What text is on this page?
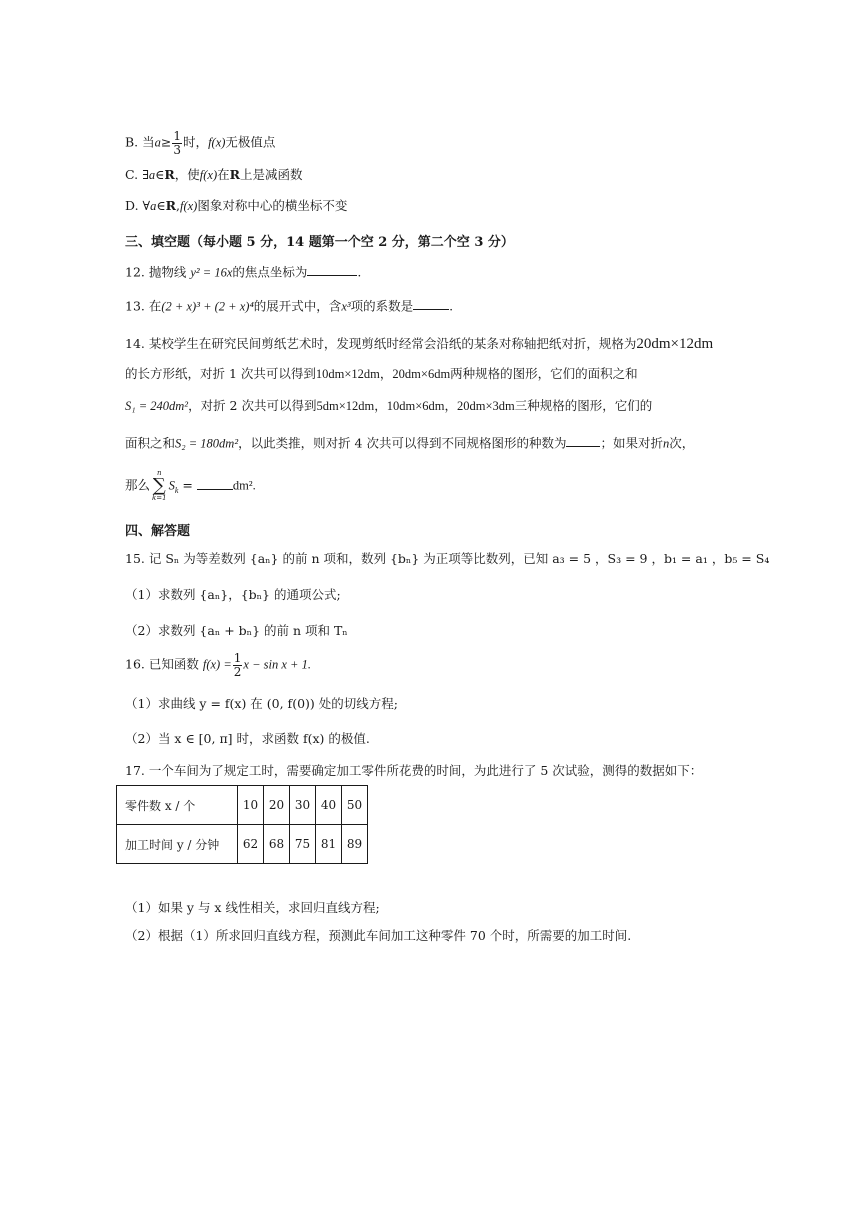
B. 当$a\ge \frac{1}{3}$ 时，f(x)无极值点
C. ∃a∈R，使f(x)在R上是减函数
D. ∀a∈R,f(x)图象对称中心的横坐标不变
三、填空题（每小题 5 分，14 题第一个空 2 分，第二个空 3 分）
12. 抛物线 y² = 16x的焦点坐标为	.
13. 在(2 + x)³ + (2 + x)⁴的展开式中，含x³项的系数是	.
14. 某校学生在研究民间剪纸艺术时，发现剪纸时经常会沿纸的某条对称轴把纸对折，规格为20dm×12dm
的长方形纸，对折 1 次共可以得到10dm×12dm，20dm×6dm两种规格的图形，它们的面积之和
S₁ = 240dm²，对折 2 次共可以得到5dm×12dm，10dm×6dm，20dm×3dm三种规格的图形，它们的
面积之和S₂ = 180dm²，以此类推，则对折 4 次共可以得到不同规格图形的种数为	；如果对折n次，
那么
n
∑
k=1
$S_k$ =	dm².
四、解答题
15. 记 Sₙ 为等差数列 {aₙ} 的前 n 项和，数列 {bₙ} 为正项等比数列，已知 a₃ = 5 ，S₃ = 9 ，b₁ = a₁ ，b₅ = S₄
（1）求数列 {aₙ}，{bₙ} 的通项公式;
（2）求数列 {aₙ + bₙ} 的前 n 项和 Tₙ
16. 已知函数 $f(x) = \frac{1}{2}$ x − sin x + 1.
（1）求曲线 y = f(x) 在 (0, f(0)) 处的切线方程;
（2）当 x ∈ [0, π] 时，求函数 f(x) 的极值.
17. 一个车间为了规定工时，需要确定加工零件所花费的时间，为此进行了 5 次试验，测得的数据如下：
零件数 x / 个	10	20	30	40	50
加工时间 y / 分钟	62	68	75	81	89
（1）如果 y 与 x 线性相关，求回归直线方程;
（2）根据（1）所求回归直线方程，预测此车间加工这种零件 70 个时，所需要的加工时间.
